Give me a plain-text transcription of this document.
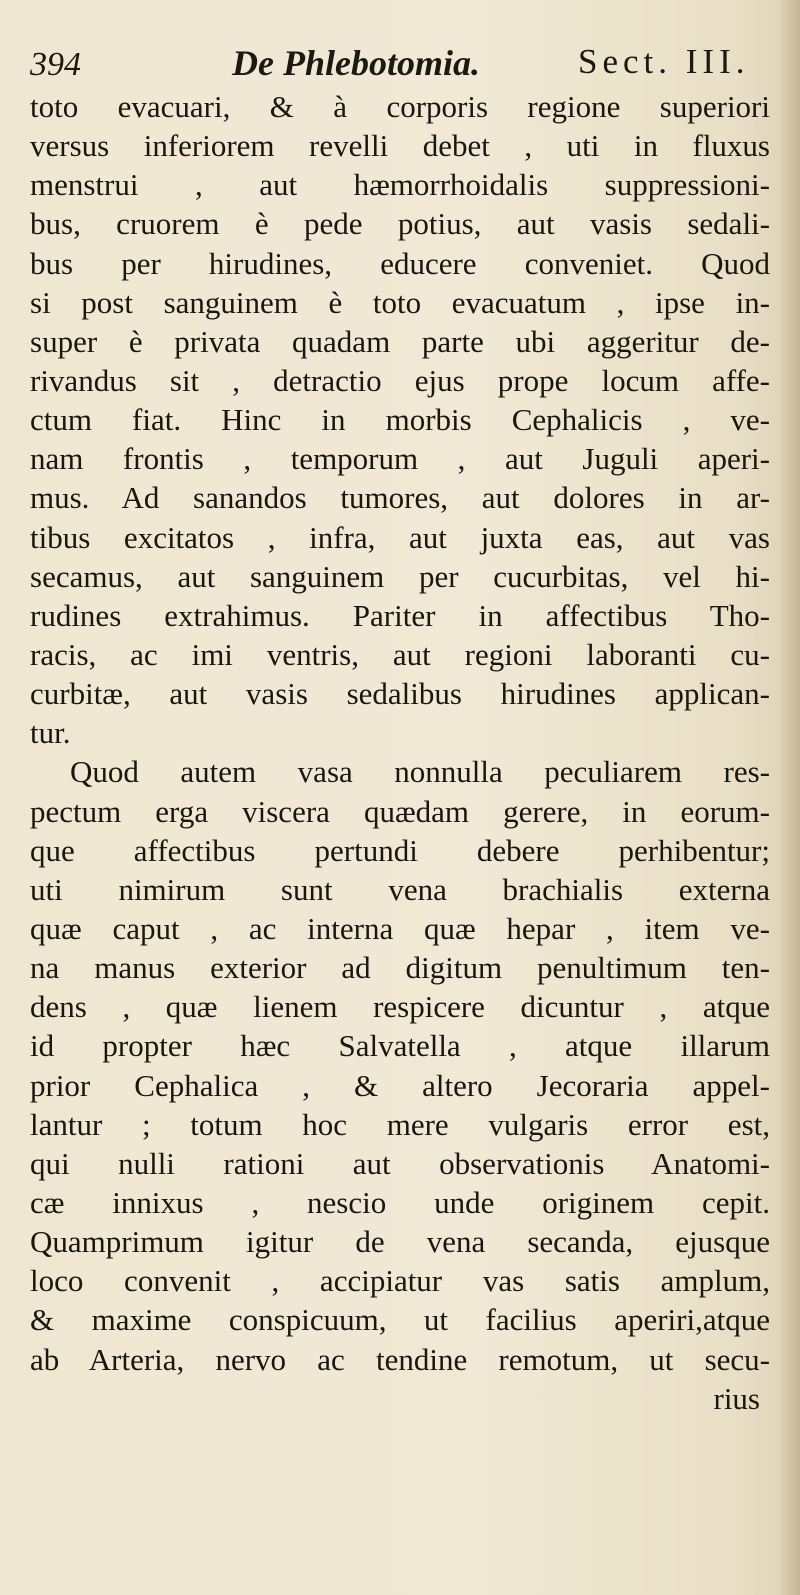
394	De Phlebotomia.	Sect. III.
toto evacuari, & à corporis regione superiori
versus inferiorem revelli debet , uti in fluxus
menstrui , aut hæmorrhoidalis suppressioni-
bus, cruorem è pede potius, aut vasis sedali-
bus per hirudines, educere conveniet. Quod
si post sanguinem è toto evacuatum , ipse in-
super è privata quadam parte ubi aggeritur de-
rivandus sit , detractio ejus prope locum affe-
ctum fiat. Hinc in morbis Cephalicis , ve-
nam frontis , temporum , aut Juguli aperi-
mus. Ad sanandos tumores, aut dolores in ar-
tibus excitatos , infra, aut juxta eas, aut vas
secamus, aut sanguinem per cucurbitas, vel hi-
rudines extrahimus. Pariter in affectibus Tho-
racis, ac imi ventris, aut regioni laboranti cu-
curbitæ, aut vasis sedalibus hirudines applican-
tur.
Quod autem vasa nonnulla peculiarem res-
pectum erga viscera quædam gerere, in eorum-
que affectibus pertundi debere perhibentur;
uti nimirum sunt vena brachialis externa
quæ caput , ac interna quæ hepar , item ve-
na manus exterior ad digitum penultimum ten-
dens , quæ lienem respicere dicuntur , atque
id propter hæc Salvatella , atque illarum
prior Cephalica , & altero Jecoraria appel-
lantur ; totum hoc mere vulgaris error est,
qui nulli rationi aut observationis Anatomi-
cæ innixus , nescio unde originem cepit.
Quamprimum igitur de vena secanda, ejusque
loco convenit , accipiatur vas satis amplum,
& maxime conspicuum, ut facilius aperiri,atque
ab Arteria, nervo ac tendine remotum, ut secu-
rius
